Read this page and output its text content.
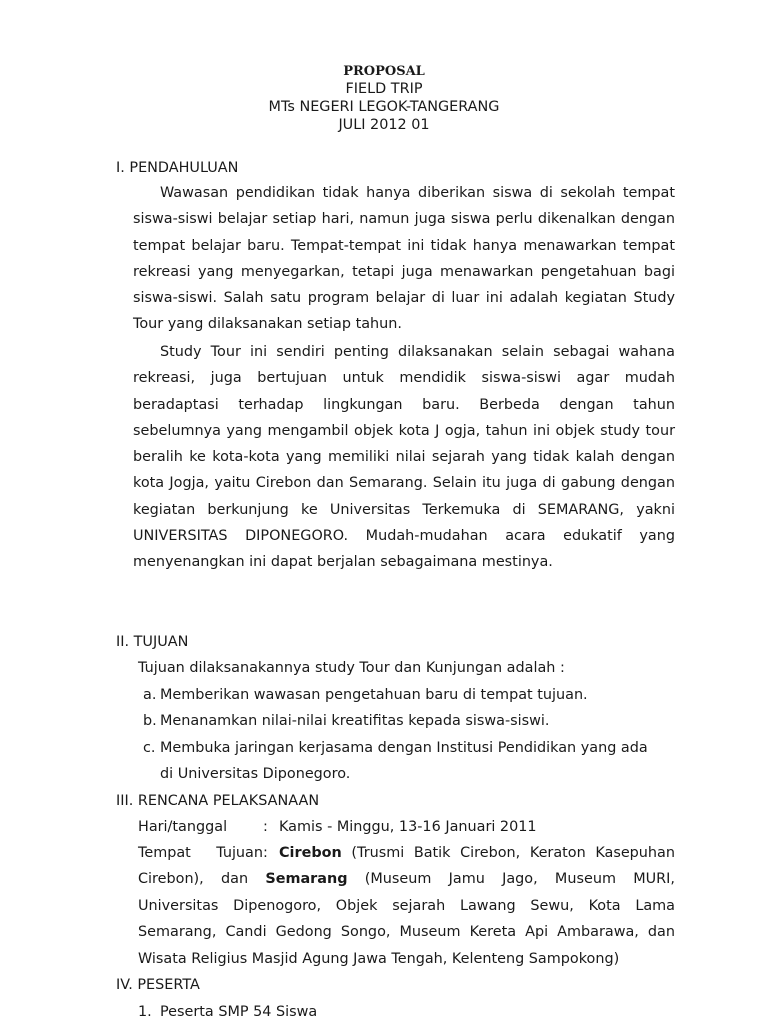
PROPOSAL
FIELD TRIP
MTs NEGERI LEGOK-TANGERANG
JULI 2012 01
I. PENDAHULUAN
Wawasan pendidikan tidak hanya diberikan siswa di sekolah tempat siswa-siswi belajar setiap hari, namun juga siswa perlu dikenalkan dengan tempat belajar baru. Tempat-tempat ini tidak hanya menawarkan tempat rekreasi yang menyegarkan, tetapi juga menawarkan pengetahuan bagi siswa-siswi. Salah satu program belajar di luar ini adalah kegiatan Study Tour yang dilaksanakan setiap tahun.
Study Tour ini sendiri penting dilaksanakan selain sebagai wahana rekreasi, juga bertujuan untuk mendidik siswa-siswi agar mudah beradaptasi terhadap lingkungan baru. Berbeda dengan tahun sebelumnya yang mengambil objek kota J ogja, tahun ini objek study tour beralih ke kota-kota yang memiliki nilai sejarah yang tidak kalah dengan kota Jogja, yaitu Cirebon dan Semarang. Selain itu juga di gabung dengan kegiatan berkunjung ke Universitas Terkemuka di SEMARANG, yakni UNIVERSITAS DIPONEGORO. Mudah-mudahan acara edukatif yang menyenangkan ini dapat berjalan sebagaimana mestinya.
II. TUJUAN
Tujuan dilaksanakannya study Tour dan Kunjungan adalah :
a. Memberikan wawasan pengetahuan baru di tempat tujuan.
b. Menanamkan nilai-nilai kreatifitas kepada siswa-siswi.
c. Membuka jaringan kerjasama dengan Institusi Pendidikan yang ada
di Universitas Diponegoro.
III. RENCANA PELAKSANAAN
Hari/tanggal : Kamis - Minggu, 13-16 Januari 2011
Tempat Tujuan: Cirebon (Trusmi Batik Cirebon, Keraton Kasepuhan
Cirebon), dan Semarang (Museum Jamu Jago, Museum MURI,
Universitas Dipenogoro, Objek sejarah Lawang Sewu, Kota Lama
Semarang, Candi Gedong Songo, Museum Kereta Api Ambarawa, dan
Wisata Religius Masjid Agung Jawa Tengah, Kelenteng Sampokong)
IV. PESERTA
1. Peserta SMP 54 Siswa
